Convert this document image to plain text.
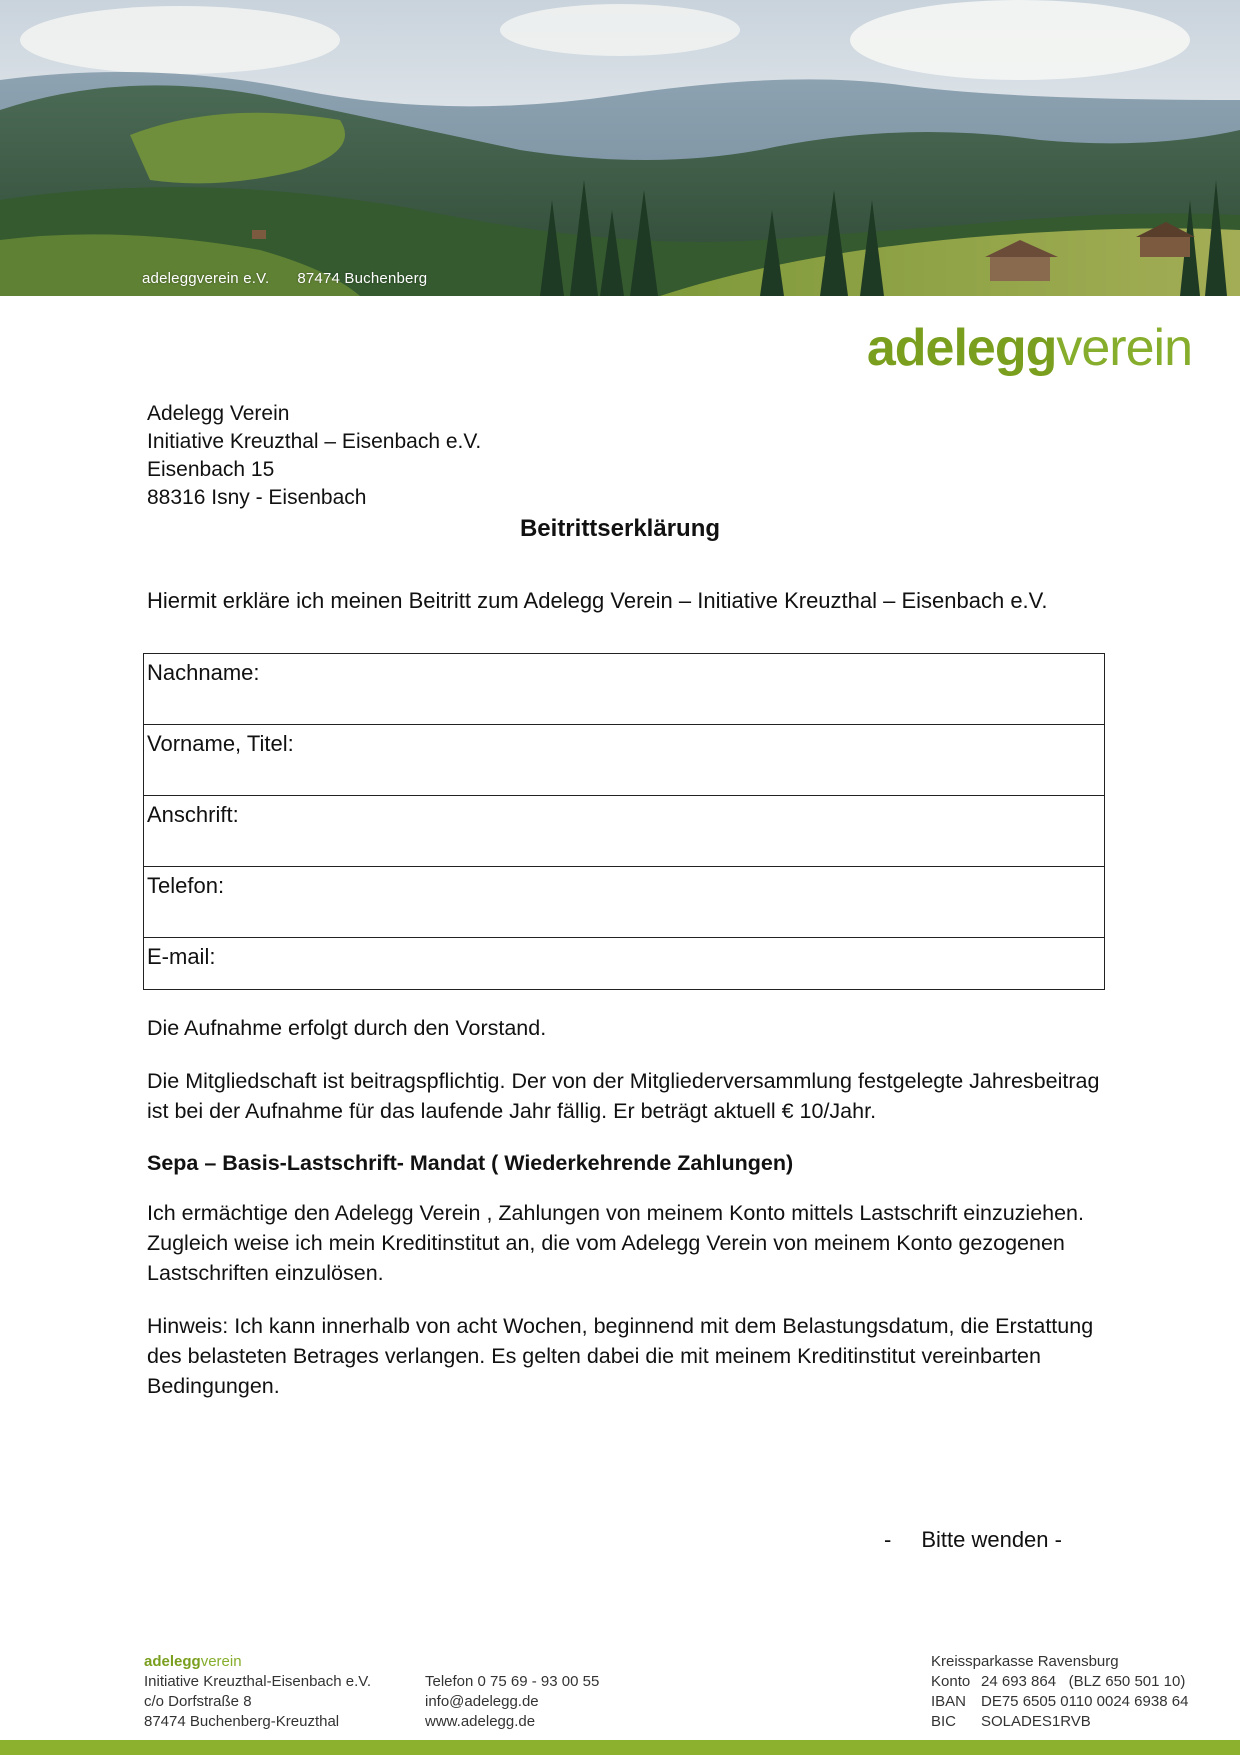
adeleggverein e.V. 87474 Buchenberg
adeleggverein
Adelegg Verein
Initiative Kreuzthal – Eisenbach e.V.
Eisenbach 15
88316 Isny - Eisenbach
Beitrittserklärung
Hiermit erkläre ich meinen Beitritt zum Adelegg Verein – Initiative Kreuzthal – Eisenbach e.V.
Nachname:
Vorname, Titel:
Anschrift:
Telefon:
E-mail:
Die Aufnahme erfolgt durch den Vorstand.
Die Mitgliedschaft ist beitragspflichtig. Der von der Mitgliederversammlung festgelegte Jahresbeitrag ist bei der Aufnahme für das laufende Jahr fällig. Er beträgt aktuell € 10/Jahr.
Sepa – Basis-Lastschrift- Mandat ( Wiederkehrende Zahlungen)
Ich ermächtige den Adelegg Verein , Zahlungen von meinem Konto mittels Lastschrift einzuziehen. Zugleich weise ich mein Kreditinstitut an, die vom Adelegg Verein von meinem Konto gezogenen Lastschriften einzulösen.
Hinweis: Ich kann innerhalb von acht Wochen, beginnend mit dem Belastungsdatum, die Erstattung des belasteten Betrages verlangen. Es gelten dabei die mit meinem Kreditinstitut vereinbarten Bedingungen.
- Bitte wenden -
adeleggverein
Initiative Kreuzthal-Eisenbach e.V.
c/o Dorfstraße 8
87474 Buchenberg-Kreuzthal
Telefon 0 75 69 - 93 00 55
info@adelegg.de
www.adelegg.de
Kreissparkasse Ravensburg
Konto 24 693 864   (BLZ 650 501 10)
IBAN DE75 6505 0110 0024 6938 64
BIC SOLADES1RVB
